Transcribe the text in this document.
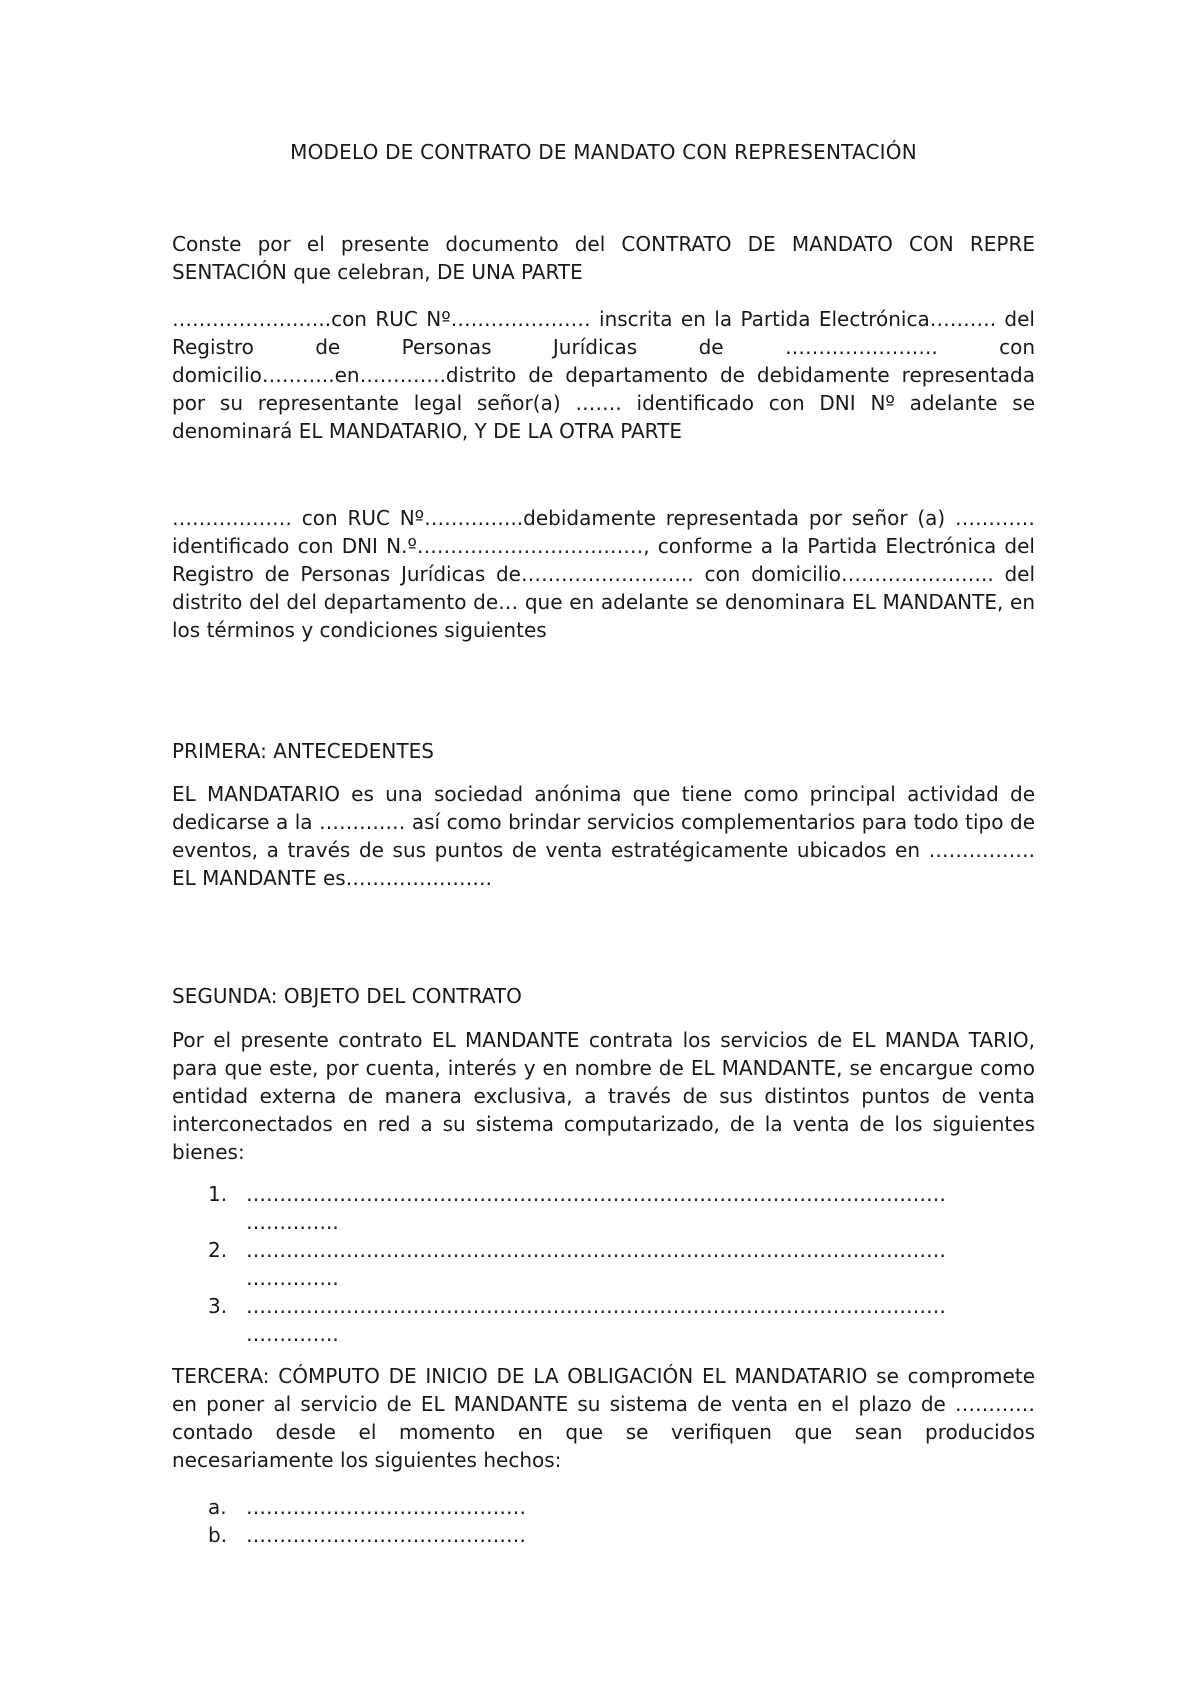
MODELO DE CONTRATO DE MANDATO CON REPRESENTACIÓN

Conste por el presente documento del CONTRATO DE MANDATO CON REPRE SENTACIÓN que celebran, DE UNA PARTE

……………….…..con RUC Nº………………… inscrita en la Partida Electrónica………. del Registro de Personas Jurídicas de ………………….. con domicilio………..en………….distrito de departamento de debidamente representada por su representante legal señor(a) ……. identificado con DNI Nº adelante se denominará EL MANDATARIO, Y DE LA OTRA PARTE

……………… con RUC Nº……….…..debidamente representada por señor (a) ………… identificado con DNI N.º……………………….……, conforme a la Partida Electrónica del Registro de Personas Jurídicas de…………………….. con domicilio………………….. del distrito del del departamento de… que en adelante se denominara EL MANDANTE, en los términos y condiciones siguientes

PRIMERA: ANTECEDENTES

EL MANDATARIO es una sociedad anónima que tiene como principal actividad de dedicarse a la ……….… así como brindar servicios complementarios para todo tipo de eventos, a través de sus puntos de venta estratégicamente ubicados en ……………. EL MANDANTE es………………….

SEGUNDA: OBJETO DEL CONTRATO

Por el presente contrato EL MANDANTE contrata los servicios de EL MANDA TARIO, para que este, por cuenta, interés y en nombre de EL MANDANTE, se encargue como entidad externa de manera exclusiva, a través de sus distintos puntos de venta interconectados en red a su sistema computarizado, de la venta de los siguientes bienes:

1. ……………………………………………………………………………………………
…………..
2. ……………………………………………………………………………………………
…………..
3. ……………………………………………………………………………………………
…………..

TERCERA: CÓMPUTO DE INICIO DE LA OBLIGACIÓN EL MANDATARIO se compromete en poner al servicio de EL MANDANTE su sistema de venta en el plazo de ………… contado desde el momento en que se verifiquen que sean producidos necesariamente los siguientes hechos:

a. ……………………………………
b. ……………………………………
